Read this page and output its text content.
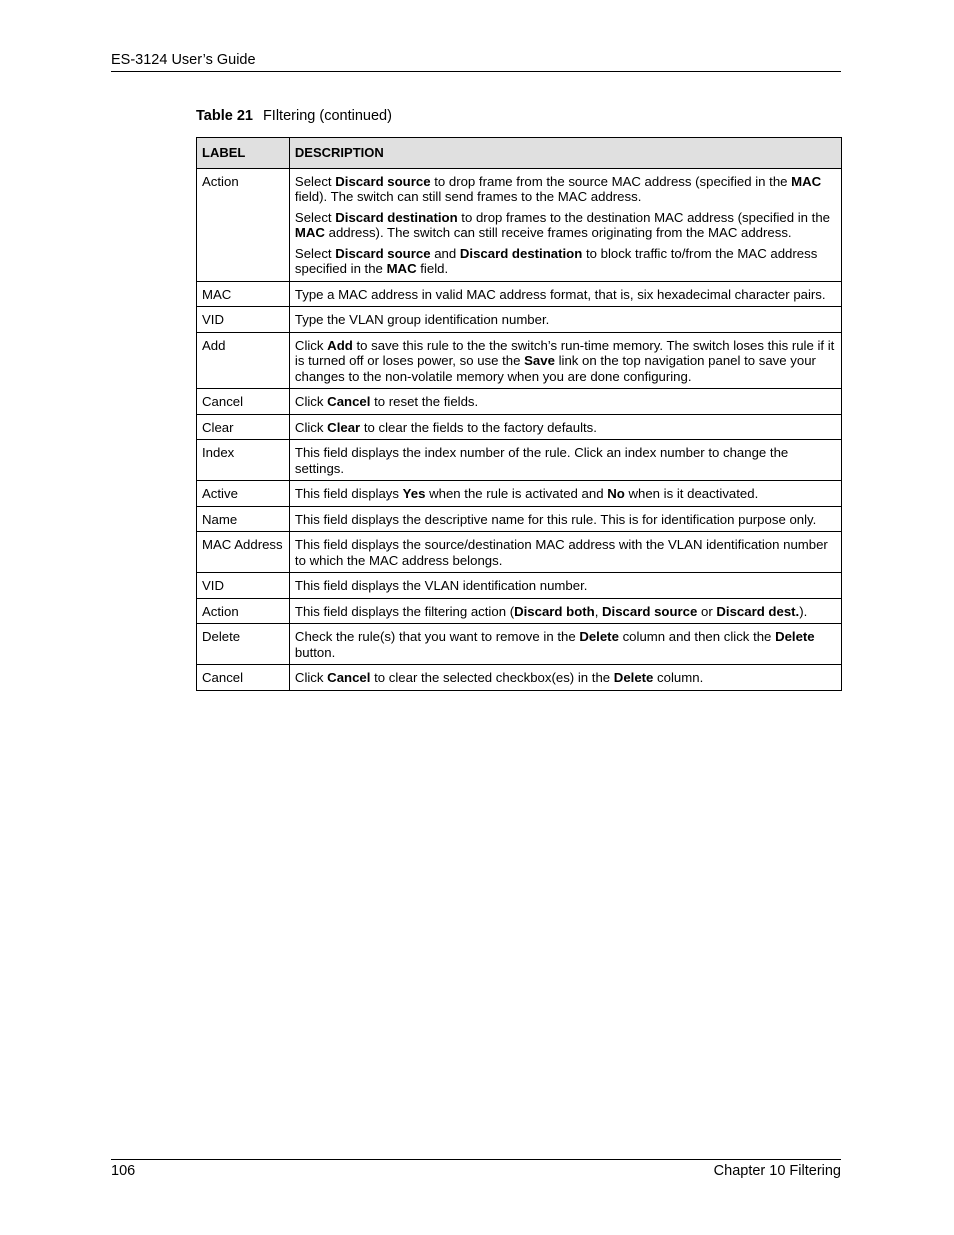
ES-3124 User’s Guide
Table 21 FIltering (continued)
LABEL	DESCRIPTION
Action	Select Discard source to drop frame from the source MAC address (specified in the MAC field). The switch can still send frames to the MAC address.

Select Discard destination to drop frames to the destination MAC address (specified in the MAC address). The switch can still receive frames originating from the MAC address.

Select Discard source and Discard destination to block traffic to/from the MAC address specified in the MAC field.

MAC	Type a MAC address in valid MAC address format, that is, six hexadecimal character pairs.

VID	Type the VLAN group identification number.

Add	Click Add to save this rule to the the switch’s run-time memory. The switch loses this rule if it is turned off or loses power, so use the Save link on the top navigation panel to save your changes to the non-volatile memory when you are done configuring.

Cancel	Click Cancel to reset the fields.

Clear	Click Clear to clear the fields to the factory defaults.

Index	This field displays the index number of the rule. Click an index number to change the settings.

Active	This field displays Yes when the rule is activated and No when is it deactivated.

Name	This field displays the descriptive name for this rule. This is for identification purpose only.

MAC Address	This field displays the source/destination MAC address with the VLAN identification number to which the MAC address belongs.

VID	This field displays the VLAN identification number.

Action	This field displays the filtering action (Discard both, Discard source or Discard dest.).

Delete	Check the rule(s) that you want to remove in the Delete column and then click the Delete button.

Cancel	Click Cancel to clear the selected checkbox(es) in the Delete column.

106	Chapter 10 Filtering
